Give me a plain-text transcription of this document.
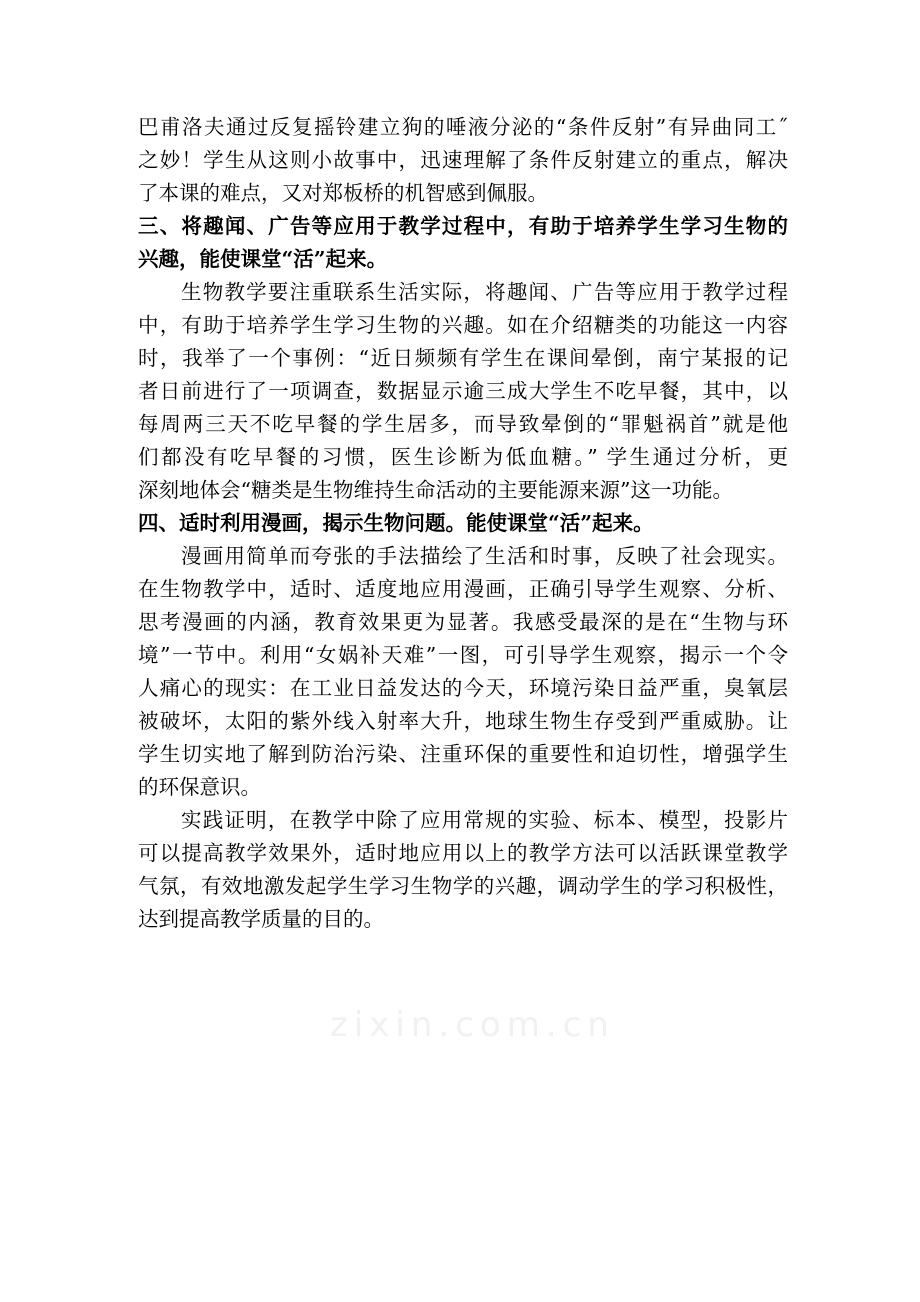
巴甫洛夫通过反复摇铃建立狗的唾液分泌的“条件反射”有异曲同工˝
之妙！学生从这则小故事中，迅速理解了条件反射建立的重点，解决
了本课的难点，又对郑板桥的机智感到佩服。
三、将趣闻、广告等应用于教学过程中，有助于培养学生学习生物的
兴趣，能使课堂“活”起来。
生物教学要注重联系生活实际，将趣闻、广告等应用于教学过程
中，有助于培养学生学习生物的兴趣。如在介绍糖类的功能这一内容
时，我举了一个事例：“近日频频有学生在课间晕倒，南宁某报的记
者日前进行了一项调查，数据显示逾三成大学生不吃早餐，其中，以
每周两三天不吃早餐的学生居多，而导致晕倒的“罪魁祸首”就是他
们都没有吃早餐的习惯，医生诊断为低血糖。” 学生通过分析，更
深刻地体会“糖类是生物维持生命活动的主要能源来源”这一功能。
四、适时利用漫画，揭示生物问题。能使课堂“活”起来。
漫画用简单而夸张的手法描绘了生活和时事，反映了社会现实。
在生物教学中，适时、适度地应用漫画，正确引导学生观察、分析、
思考漫画的内涵，教育效果更为显著。我感受最深的是在“生物与环
境”一节中。利用“女娲补天难”一图，可引导学生观察，揭示一个令
人痛心的现实：在工业日益发达的今天，环境污染日益严重，臭氧层
被破坏，太阳的紫外线入射率大升，地球生物生存受到严重威胁。让
学生切实地了解到防治污染、注重环保的重要性和迫切性，增强学生
的环保意识。
实践证明，在教学中除了应用常规的实验、标本、模型，投影片
可以提高教学效果外，适时地应用以上的教学方法可以活跃课堂教学
气氛，有效地激发起学生学习生物学的兴趣，调动学生的学习积极性，
达到提高教学质量的目的。
zixin.com.cn
